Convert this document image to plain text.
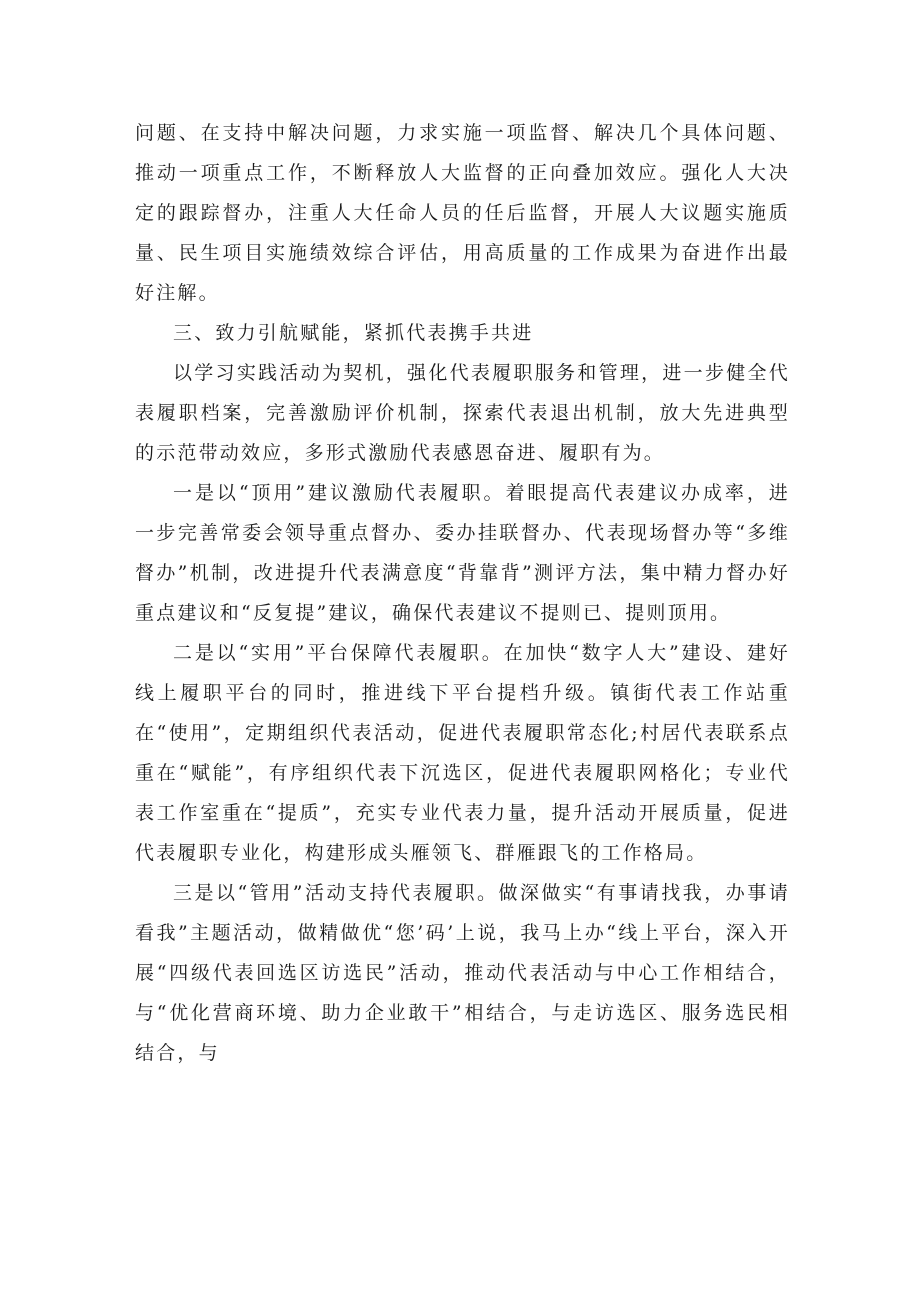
问题、在支持中解决问题，力求实施一项监督、解决几个具体问题、推动一项重点工作，不断释放人大监督的正向叠加效应。强化人大决定的跟踪督办，注重人大任命人员的任后监督，开展人大议题实施质量、民生项目实施绩效综合评估，用高质量的工作成果为奋进作出最好注解。

三、致力引航赋能，紧抓代表携手共进

以学习实践活动为契机，强化代表履职服务和管理，进一步健全代表履职档案，完善激励评价机制，探索代表退出机制，放大先进典型的示范带动效应，多形式激励代表感恩奋进、履职有为。

一是以“顶用”建议激励代表履职。着眼提高代表建议办成率，进一步完善常委会领导重点督办、委办挂联督办、代表现场督办等“多维督办”机制，改进提升代表满意度“背靠背”测评方法，集中精力督办好重点建议和“反复提”建议，确保代表建议不提则已、提则顶用。

二是以“实用”平台保障代表履职。在加快“数字人大”建设、建好线上履职平台的同时，推进线下平台提档升级。镇街代表工作站重在“使用”，定期组织代表活动，促进代表履职常态化;村居代表联系点重在“赋能”，有序组织代表下沉选区，促进代表履职网格化；专业代表工作室重在“提质”，充实专业代表力量，提升活动开展质量，促进代表履职专业化，构建形成头雁领飞、群雁跟飞的工作格局。

三是以“管用”活动支持代表履职。做深做实“有事请找我，办事请看我”主题活动，做精做优“您’码’上说，我马上办“线上平台，深入开展“四级代表回选区访选民”活动，推动代表活动与中心工作相结合，与“优化营商环境、助力企业敢干”相结合，与走访选区、服务选民相结合，与
